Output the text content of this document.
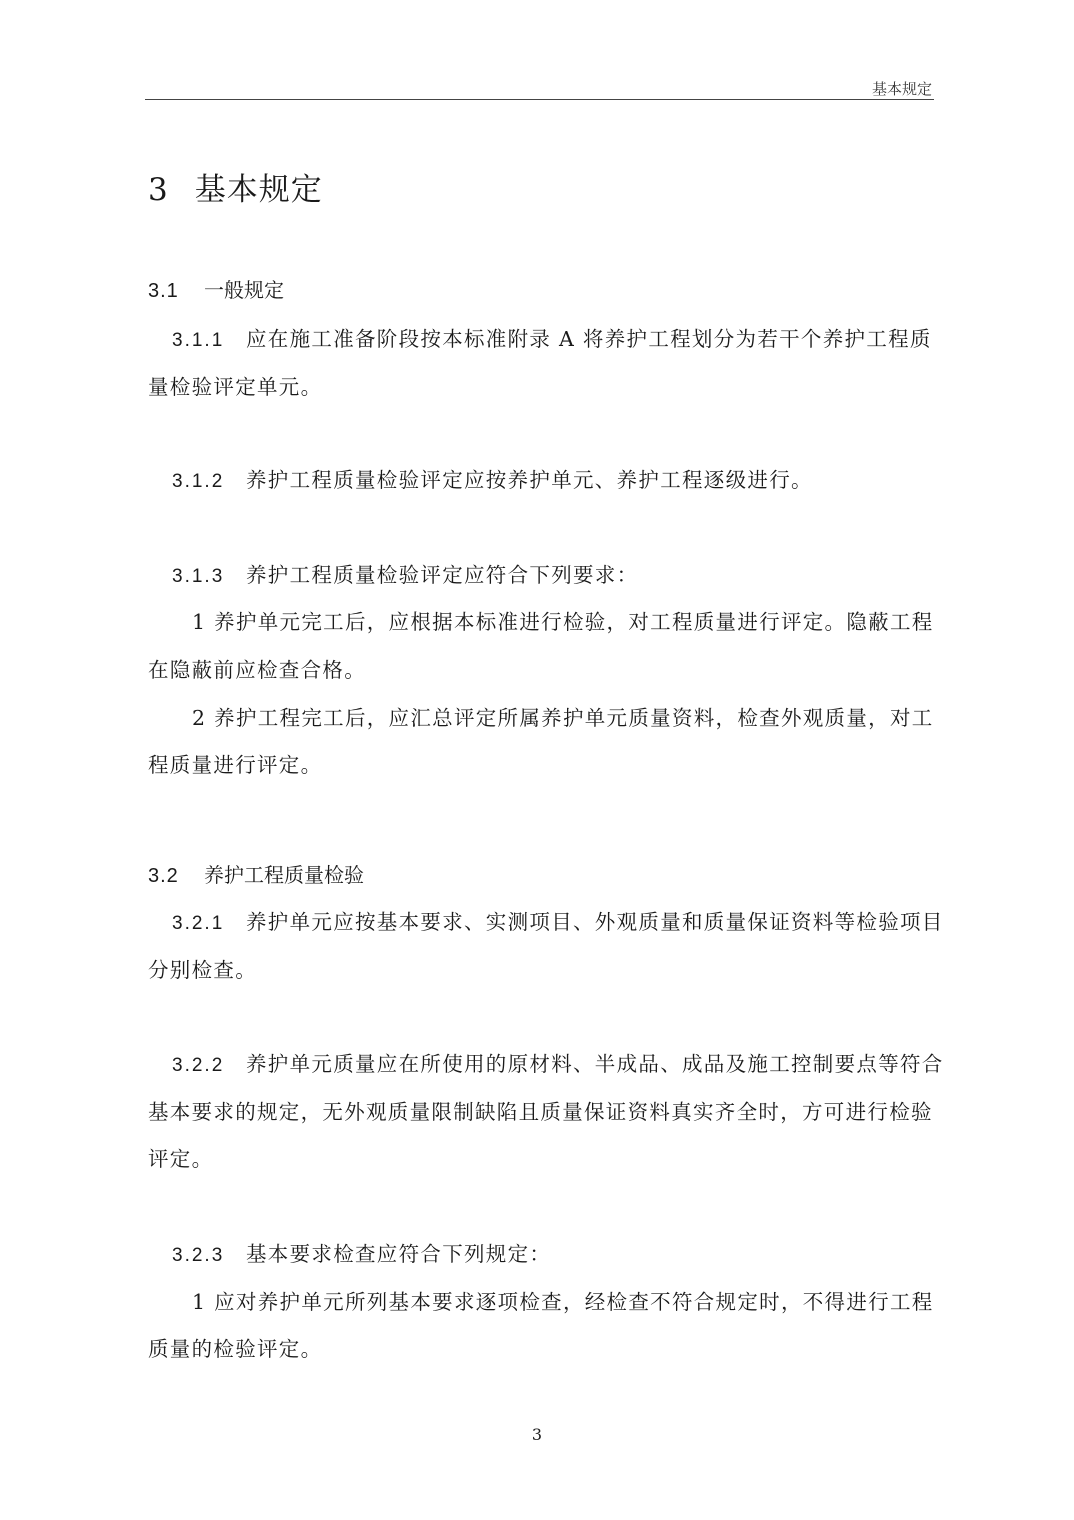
基本规定
3 基本规定
3.1 一般规定
3.1.1 应在施工准备阶段按本标准附录 A 将养护工程划分为若干个养护工程质
量检验评定单元。
3.1.2 养护工程质量检验评定应按养护单元、养护工程逐级进行。
3.1.3 养护工程质量检验评定应符合下列要求：
1 养护单元完工后，应根据本标准进行检验，对工程质量进行评定。隐蔽工程
在隐蔽前应检查合格。
2 养护工程完工后，应汇总评定所属养护单元质量资料，检查外观质量，对工
程质量进行评定。
3.2 养护工程质量检验
3.2.1 养护单元应按基本要求、实测项目、外观质量和质量保证资料等检验项目
分别检查。
3.2.2 养护单元质量应在所使用的原材料、半成品、成品及施工控制要点等符合
基本要求的规定，无外观质量限制缺陷且质量保证资料真实齐全时，方可进行检验
评定。
3.2.3 基本要求检查应符合下列规定：
1 应对养护单元所列基本要求逐项检查，经检查不符合规定时，不得进行工程
质量的检验评定。
3
